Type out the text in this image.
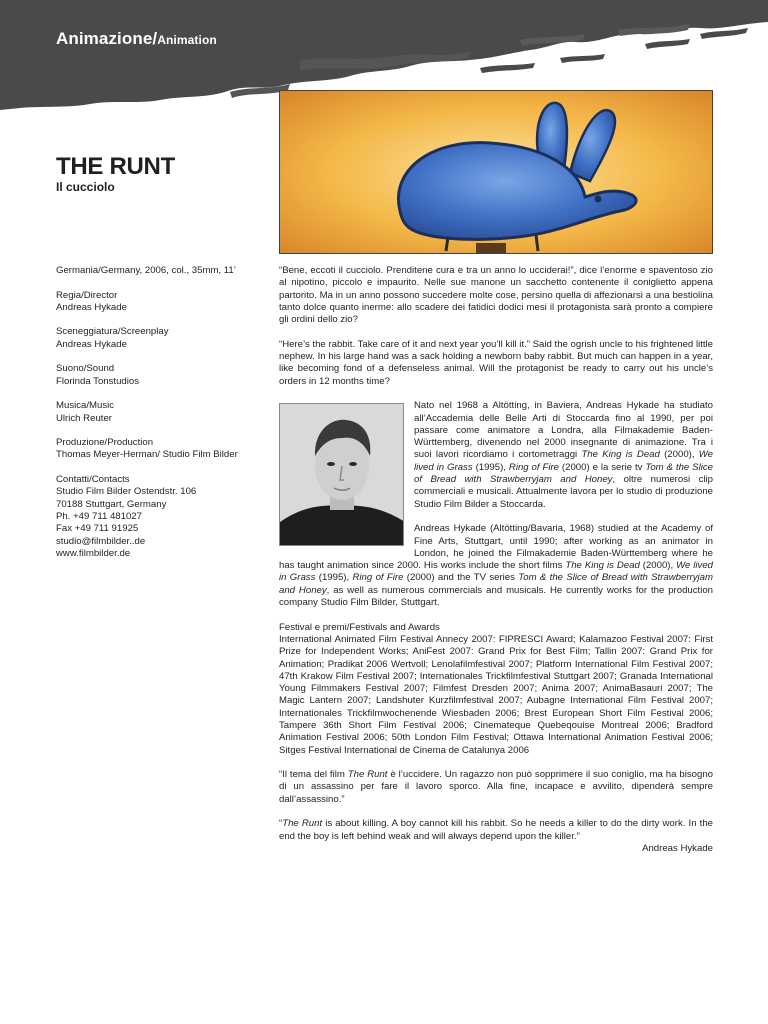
Animazione/Animation
THE RUNT
Il cucciolo
Germania/Germany, 2006, col., 35mm, 11’
Regia/Director
Andreas Hykade
Sceneggiatura/Screenplay
Andreas Hykade
Suono/Sound
Florinda Tonstudios
Musica/Music
Ulrich Reuter
Produzione/Production
Thomas Meyer-Herman/ Studio Film Bilder
Contatti/Contacts
Studio Film Bilder Ostendstr. 106
70188 Stuttgart, Germany
Ph. +49 711 481027
Fax +49 711 91925
studio@filmbilder..de
www.filmbilder.de

“Bene, eccoti il cucciolo. Prenditene cura e tra un anno lo ucciderai!”, dice l’enorme e spaventoso zio al nipotino, piccolo e impaurito. Nelle sue manone un sacchetto contenente il coniglietto appena partorito. Ma in un anno possono succedere molte cose, persino quella di affezionarsi a una bestiolina tanto dolce quanto inerme: allo scadere dei fatidici dodici mesi il protagonista sarà pronto a compiere gli ordini dello zio?

“Here’s the rabbit. Take care of it and next year you’ll kill it.” Said the ogrish uncle to his frightened little nephew. In his large hand was a sack holding a newborn baby rabbit. But much can happen in a year, like becoming fond of a defenseless animal. Will the protagonist be ready to carry out his uncle’s orders in 12 months time?

Nato nel 1968 a Altötting, in Baviera, Andreas Hykade ha studiato all’Accademia delle Belle Arti di Stoccarda fino al 1990, per poi passare come animatore a Londra, alla Filmakademie Baden-Württemberg, divenendo nel 2000 insegnante di animazione. Tra i suoi lavori ricordiamo i cortometraggi The King is Dead (2000), We lived in Grass (1995), Ring of Fire (2000) e la serie tv Tom & the Slice of Bread with Strawberryjam and Honey, oltre numerosi clip commerciali e musicali. Attualmente lavora per lo studio di produzione Studio Film Bilder a Stoccarda.

Andreas Hykade (Altötting/Bavaria, 1968) studied at the Academy of Fine Arts, Stuttgart, until 1990; after working as an animator in London, he joined the Filmakademie Baden-Württemberg where he has taught animation since 2000. His works include the short films The King is Dead (2000), We lived in Grass (1995), Ring of Fire (2000) and the TV series Tom & the Slice of Bread with Strawberryjam and Honey, as well as numerous commercials and musicals. He currently works for the production company Studio Film Bilder, Stuttgart.

Festival e premi/Festivals and Awards
International Animated Film Festival Annecy 2007: FIPRESCI Award; Kalamazoo Festival 2007: First Prize for Independent Works; AniFest 2007: Grand Prix for Best Film; Tallin 2007: Grand Prix for Animation; Pradikat 2006 Wertvoll; Lenolafilmfestival 2007; Platform International Film Festival 2007; 47th Krakow Film Festival 2007; Internationales Trickfilmfestival Stuttgart 2007; Granada International Young Filmmakers Festival 2007; Filmfest Dresden 2007; Anima 2007; AnimaBasauri 2007; The Magic Lantern 2007; Landshuter Kurzfilmfestival 2007; Aubagne International Film Festival 2007; Internationales Trickfilmwochenende Wiesbaden 2006; Brest European Short Film Festival 2006; Tampere 36th Short Film Festival 2006; Cinemateque Quebeqouise Montreal 2006; Bradford Animation Festival 2006; 50th London Film Festival; Ottawa International Animation Festival 2006; Sitges Festival International de Cinema de Catalunya 2006

“Il tema del film The Runt è l’uccidere. Un ragazzo non può sopprimere il suo coniglio, ma ha bisogno di un assassino per fare il lavoro sporco. Alla fine, incapace e avvilito, dipenderà sempre dall’assassino.”

“The Runt is about killing. A boy cannot kill his rabbit. So he needs a killer to do the dirty work. In the end the boy is left behind weak and will always depend upon the killer.”

Andreas Hykade
